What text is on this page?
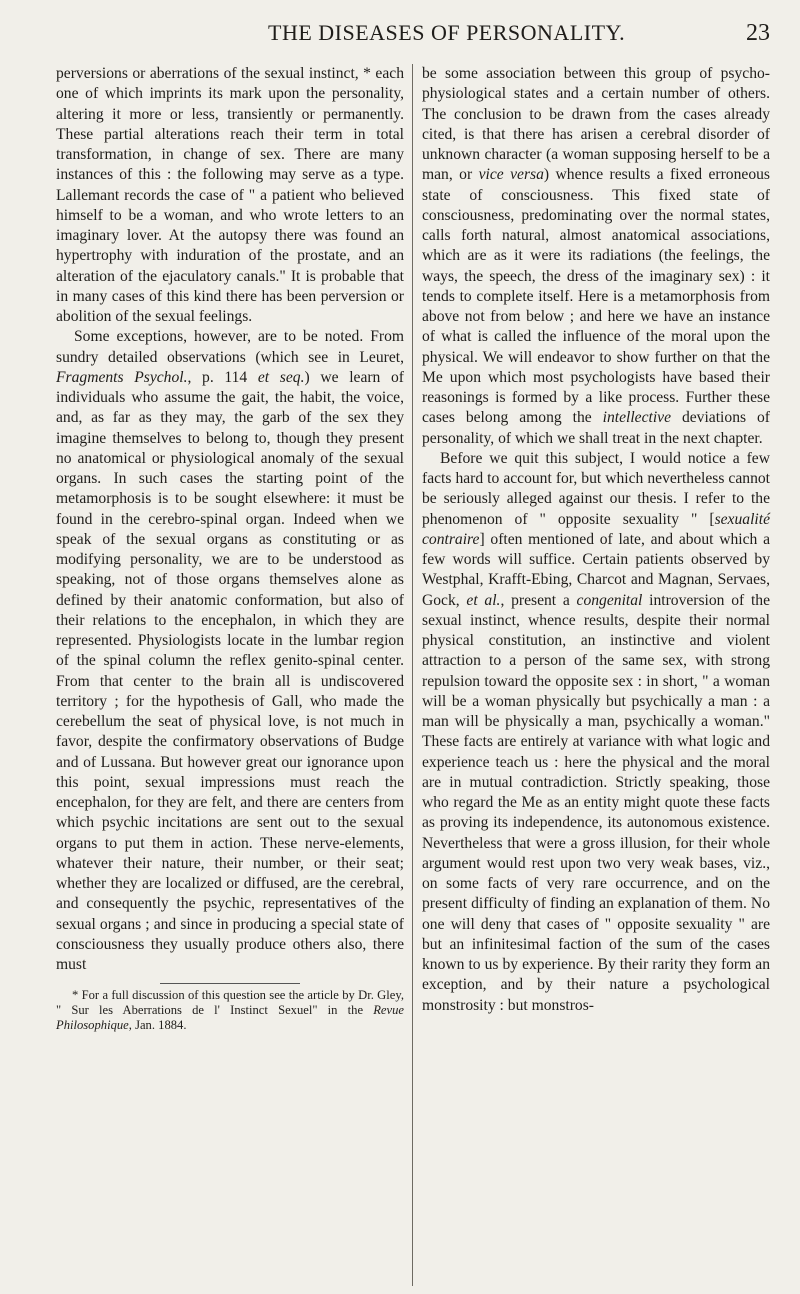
THE DISEASES OF PERSONALITY.	23

perversions or aberrations of the sexual instinct, * each one of which imprints its mark upon the personality, altering it more or less, transiently or permanently. These partial alterations reach their term in total transformation, in change of sex. There are many instances of this : the following may serve as a type. Lallemant records the case of " a patient who believed himself to be a woman, and who wrote letters to an imaginary lover. At the autopsy there was found an hypertrophy with induration of the prostate, and an alteration of the ejaculatory canals." It is probable that in many cases of this kind there has been perversion or abolition of the sexual feelings.

Some exceptions, however, are to be noted. From sundry detailed observations (which see in Leuret, Fragments Psychol., p. 114 et seq.) we learn of individuals who assume the gait, the habit, the voice, and, as far as they may, the garb of the sex they imagine themselves to belong to, though they present no anatomical or physiological anomaly of the sexual organs. In such cases the starting point of the metamorphosis is to be sought elsewhere: it must be found in the cerebro-spinal organ. Indeed when we speak of the sexual organs as constituting or as modifying personality, we are to be understood as speaking, not of those organs themselves alone as defined by their anatomic conformation, but also of their relations to the encephalon, in which they are represented. Physiologists locate in the lumbar region of the spinal column the reflex genito-spinal center. From that center to the brain all is undiscovered territory ; for the hypothesis of Gall, who made the cerebellum the seat of physical love, is not much in favor, despite the confirmatory observations of Budge and of Lussana. But however great our ignorance upon this point, sexual impressions must reach the encephalon, for they are felt, and there are centers from which psychic incitations are sent out to the sexual organs to put them in action. These nerve-elements, whatever their nature, their number, or their seat; whether they are localized or diffused, are the cerebral, and consequently the psychic, representatives of the sexual organs ; and since in producing a special state of consciousness they usually produce others also, there must

* For a full discussion of this question see the article by Dr. Gley, " Sur les Aberrations de l' Instinct Sexuel" in the Revue Philosophique, Jan. 1884.

be some association between this group of psycho-physiological states and a certain number of others. The conclusion to be drawn from the cases already cited, is that there has arisen a cerebral disorder of unknown character (a woman supposing herself to be a man, or vice versa) whence results a fixed erroneous state of consciousness. This fixed state of consciousness, predominating over the normal states, calls forth natural, almost anatomical associations, which are as it were its radiations (the feelings, the ways, the speech, the dress of the imaginary sex) : it tends to complete itself. Here is a metamorphosis from above not from below ; and here we have an instance of what is called the influence of the moral upon the physical. We will endeavor to show further on that the Me upon which most psychologists have based their reasonings is formed by a like process. Further these cases belong among the intellective deviations of personality, of which we shall treat in the next chapter.

Before we quit this subject, I would notice a few facts hard to account for, but which nevertheless cannot be seriously alleged against our thesis. I refer to the phenomenon of " opposite sexuality " [sexualité contraire] often mentioned of late, and about which a few words will suffice. Certain patients observed by Westphal, Krafft-Ebing, Charcot and Magnan, Servaes, Gock, et al., present a congenital introversion of the sexual instinct, whence results, despite their normal physical constitution, an instinctive and violent attraction to a person of the same sex, with strong repulsion toward the opposite sex : in short, " a woman will be a woman physically but psychically a man : a man will be physically a man, psychically a woman." These facts are entirely at variance with what logic and experience teach us : here the physical and the moral are in mutual contradiction. Strictly speaking, those who regard the Me as an entity might quote these facts as proving its independence, its autonomous existence. Nevertheless that were a gross illusion, for their whole argument would rest upon two very weak bases, viz., on some facts of very rare occurrence, and on the present difficulty of finding an explanation of them. No one will deny that cases of " opposite sexuality " are but an infinitesimal faction of the sum of the cases known to us by experience. By their rarity they form an exception, and by their nature a psychological monstrosity : but monstros-
